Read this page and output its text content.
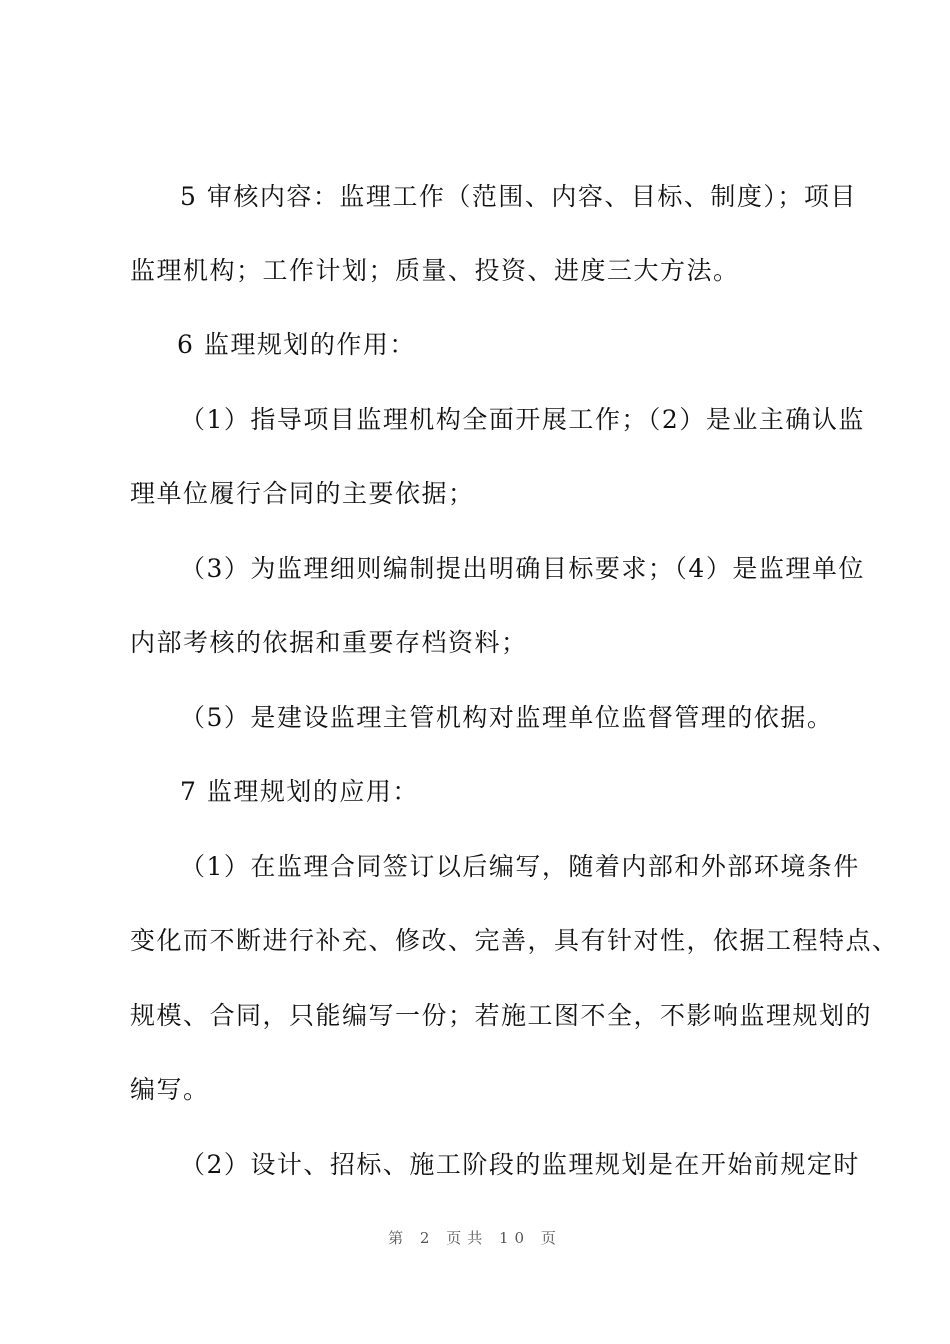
5 审核内容：监理工作（范围、内容、目标、制度）；项目

监理机构；工作计划；质量、投资、进度三大方法。

6 监理规划的作用：

（1）指导项目监理机构全面开展工作；（2）是业主确认监

理单位履行合同的主要依据；

（3）为监理细则编制提出明确目标要求；（4）是监理单位

内部考核的依据和重要存档资料；

（5）是建设监理主管机构对监理单位监督管理的依据。

7 监理规划的应用：

（1）在监理合同签订以后编写，随着内部和外部环境条件

变化而不断进行补充、修改、完善，具有针对性，依据工程特点、

规模、合同，只能编写一份；若施工图不全，不影响监理规划的

编写。

（2）设计、招标、施工阶段的监理规划是在开始前规定时

第 2 页共 10 页
